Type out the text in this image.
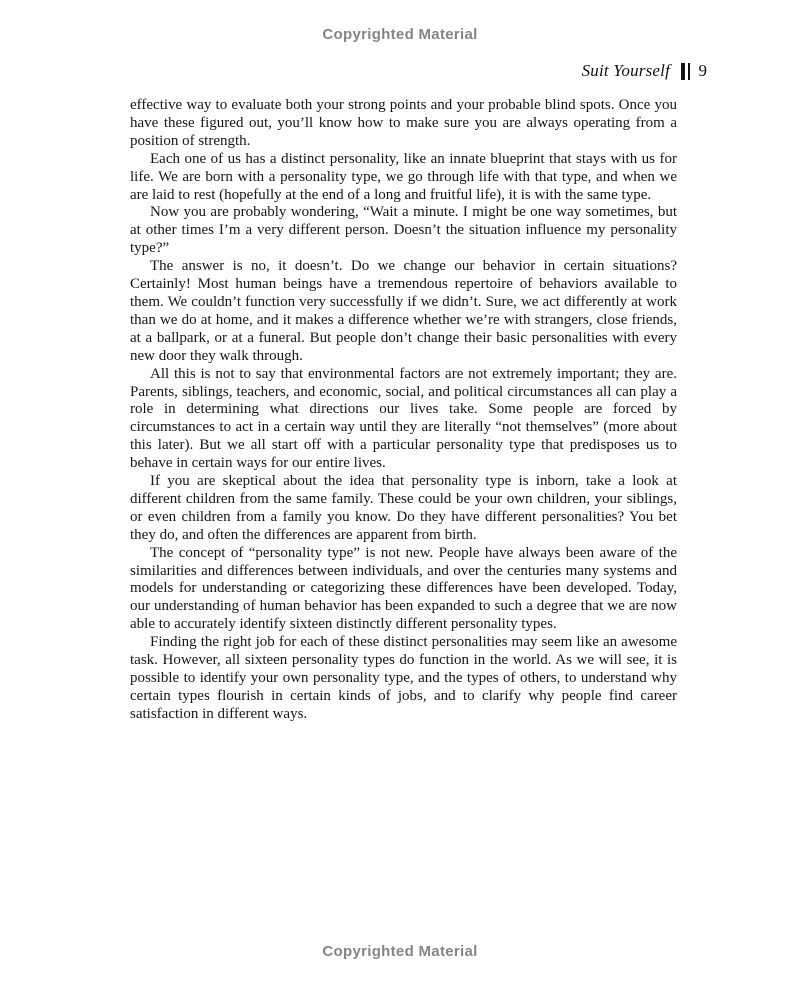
Copyrighted Material
Suit Yourself 9

effective way to evaluate both your strong points and your probable blind spots. Once you have these figured out, you’ll know how to make sure you are always operating from a position of strength.

Each one of us has a distinct personality, like an innate blueprint that stays with us for life. We are born with a personality type, we go through life with that type, and when we are laid to rest (hopefully at the end of a long and fruitful life), it is with the same type.

Now you are probably wondering, “Wait a minute. I might be one way sometimes, but at other times I’m a very different person. Doesn’t the situation influence my personality type?”

The answer is no, it doesn’t. Do we change our behavior in certain situations? Certainly! Most human beings have a tremendous repertoire of behaviors available to them. We couldn’t function very successfully if we didn’t. Sure, we act differently at work than we do at home, and it makes a difference whether we’re with strangers, close friends, at a ballpark, or at a funeral. But people don’t change their basic personalities with every new door they walk through.

All this is not to say that environmental factors are not extremely important; they are. Parents, siblings, teachers, and economic, social, and political circumstances all can play a role in determining what directions our lives take. Some people are forced by circumstances to act in a certain way until they are literally “not themselves” (more about this later). But we all start off with a particular personality type that predisposes us to behave in certain ways for our entire lives.

If you are skeptical about the idea that personality type is inborn, take a look at different children from the same family. These could be your own children, your siblings, or even children from a family you know. Do they have different personalities? You bet they do, and often the differences are apparent from birth.

The concept of “personality type” is not new. People have always been aware of the similarities and differences between individuals, and over the centuries many systems and models for understanding or categorizing these differences have been developed. Today, our understanding of human behavior has been expanded to such a degree that we are now able to accurately identify sixteen distinctly different personality types.

Finding the right job for each of these distinct personalities may seem like an awesome task. However, all sixteen personality types do function in the world. As we will see, it is possible to identify your own personality type, and the types of others, to understand why certain types flourish in certain kinds of jobs, and to clarify why people find career satisfaction in different ways.

Copyrighted Material
